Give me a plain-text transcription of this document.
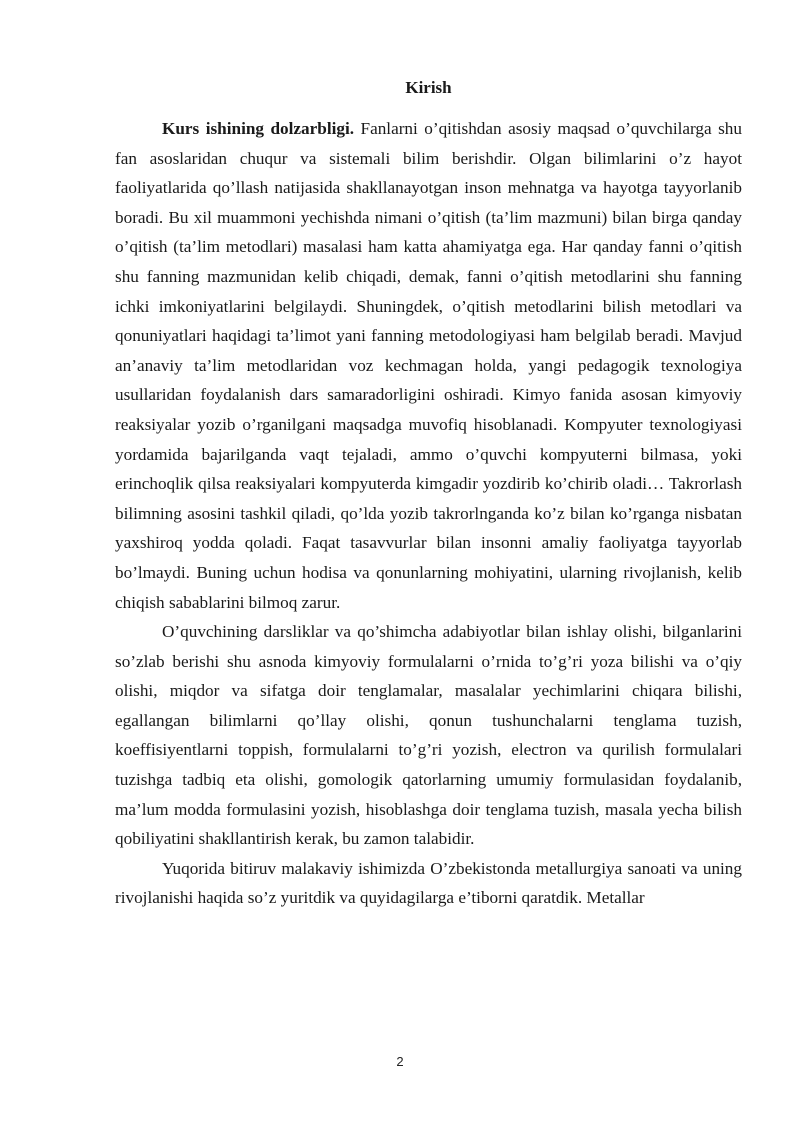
Kirish

Kurs ishining dolzarbligi. Fanlarni o’qitishdan asosiy maqsad o’quvchilarga shu fan asoslaridan chuqur va sistemali bilim berishdir. Olgan bilimlarini o’z hayot faoliyatlarida qo’llash natijasida shakllanayotgan inson mehnatga va hayotga tayyorlanib boradi. Bu xil muammoni yechishda nimani o’qitish (ta’lim mazmuni) bilan birga qanday o’qitish (ta’lim metodlari) masalasi ham katta ahamiyatga ega. Har qanday fanni o’qitish shu fanning mazmunidan kelib chiqadi, demak, fanni o’qitish metodlarini shu fanning ichki imkoniyatlarini belgilaydi. Shuningdek, o’qitish metodlarini bilish metodlari va qonuniyatlari haqidagi ta’limot yani fanning metodologiyasi ham belgilab beradi. Mavjud an’anaviy ta’lim metodlaridan voz kechmagan holda, yangi pedagogik texnologiya usullaridan foydalanish dars samaradorligini oshiradi. Kimyo fanida asosan kimyoviy reaksiyalar yozib o’rganilgani maqsadga muvofiq hisoblanadi. Kompyuter texnologiyasi yordamida bajarilganda vaqt tejaladi, ammo o’quvchi kompyuterni bilmasa, yoki erinchoqlik qilsa reaksiyalari kompyuterda kimgadir yozdirib ko’chirib oladi… Takrorlash bilimning asosini tashkil qiladi, qo’lda yozib takrorlnganda ko’z bilan ko’rganga nisbatan yaxshiroq yodda qoladi. Faqat tasavvurlar bilan insonni amaliy faoliyatga tayyorlab bo’lmaydi. Buning uchun hodisa va qonunlarning mohiyatini, ularning rivojlanish, kelib chiqish sabablarini bilmoq zarur.

O’quvchining darsliklar va qo’shimcha adabiyotlar bilan ishlay olishi, bilganlarini so’zlab berishi shu asnoda kimyoviy formulalarni o’rnida to’g’ri yoza bilishi va o’qiy olishi, miqdor va sifatga doir tenglamalar, masalalar yechimlarini chiqara bilishi, egallangan bilimlarni qo’llay olishi, qonun tushunchalarni tenglama tuzish, koeffisiyentlarni toppish, formulalarni to’g’ri yozish, electron va qurilish formulalari tuzishga tadbiq eta olishi, gomologik qatorlarning umumiy formulasidan foydalanib, ma’lum modda formulasini yozish, hisoblashga doir tenglama tuzish, masala yecha bilish qobiliyatini shakllantirish kerak, bu zamon talabidir.

Yuqorida bitiruv malakaviy ishimizda O’zbekistonda metallurgiya sanoati va uning rivojlanishi haqida so’z yuritdik va quyidagilarga e’tiborni qaratdik. Metallar

2
